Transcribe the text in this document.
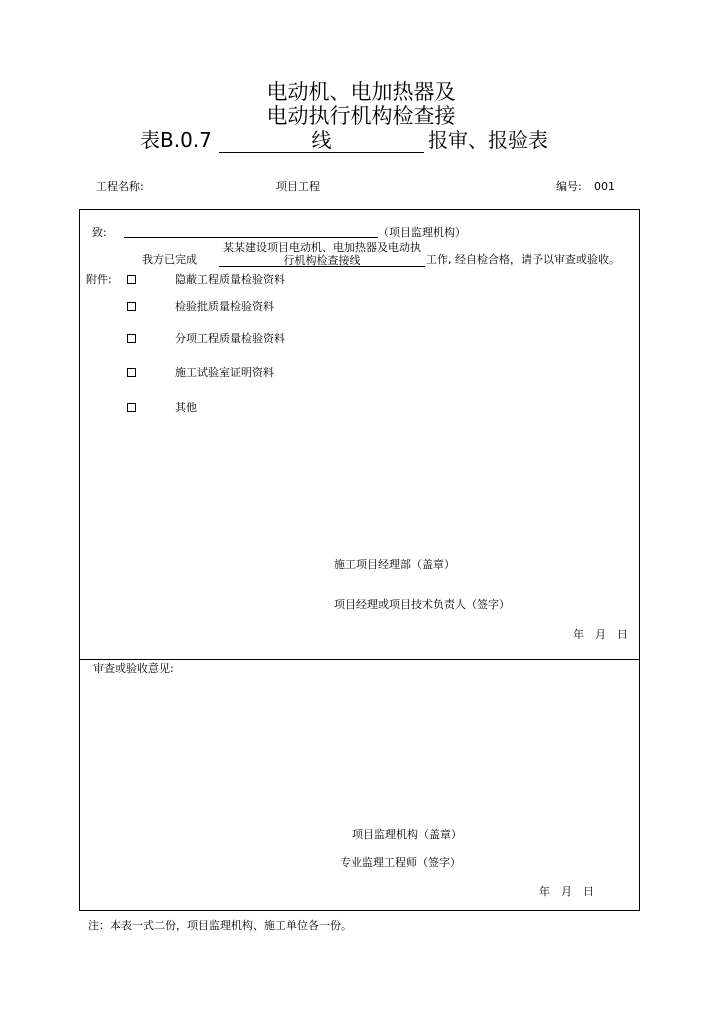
电动机、电加热器及
电动执行机构检查接
表B.0.7	线	报审、报验表
工程名称:	项目工程	编号: 001
致:	（项目监理机构）
我方已完成
某某建设项目电动机、电加热器及电动执
行机构检查接线	工作, 经自检合格，请予以审查或验收。
附件:	隐蔽工程质量检验资料
检验批质量检验资料
分项工程质量检验资料
施工试验室证明资料
其他
施工项目经理部（盖章）
项目经理或项目技术负责人（签字）
年　月　日
审查或验收意见:
项目监理机构（盖章）
专业监理工程师（签字）
年　月　日
注：本表一式二份，项目监理机构、施工单位各一份。
